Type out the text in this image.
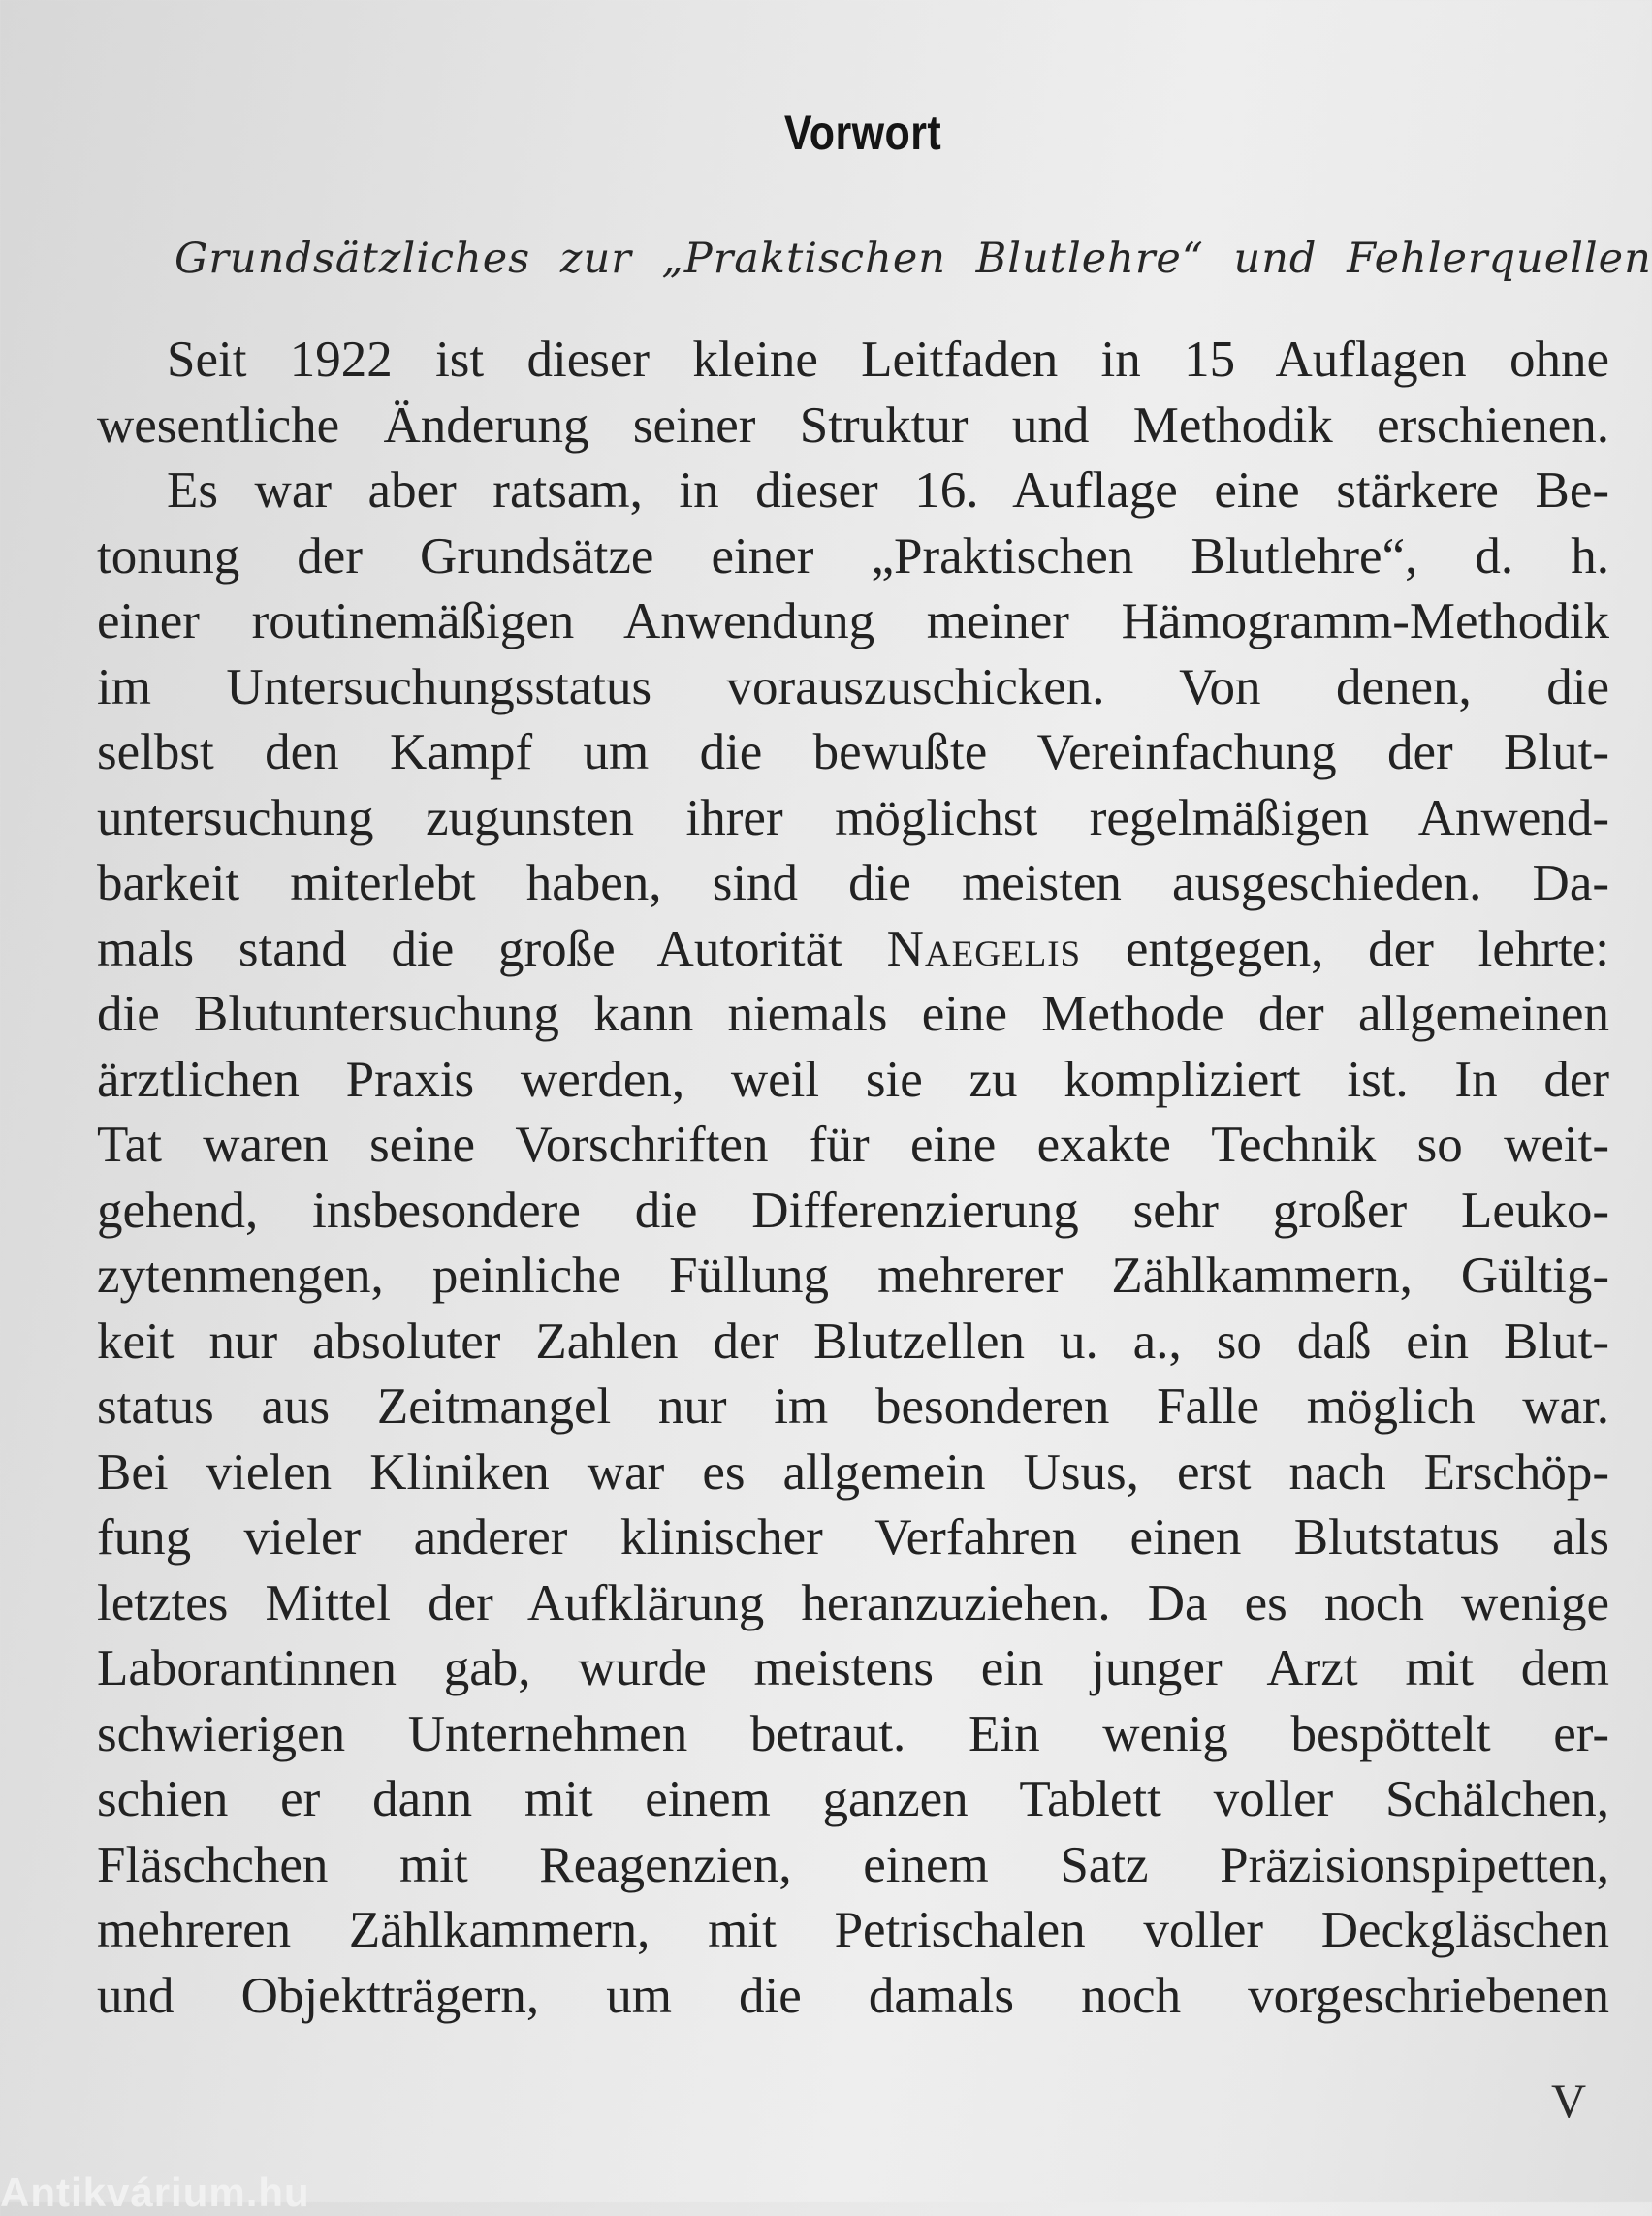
Vorwort
Grundsätzliches zur „Praktischen Blutlehre“ und Fehlerquellen
Seit 1922 ist dieser kleine Leitfaden in 15 Auflagen ohne
wesentliche Änderung seiner Struktur und Methodik erschienen.
Es war aber ratsam, in dieser 16. Auflage eine stärkere Be-
tonung der Grundsätze einer „Praktischen Blutlehre“, d. h.
einer routinemäßigen Anwendung meiner Hämogramm-Methodik
im Untersuchungsstatus vorauszuschicken. Von denen, die
selbst den Kampf um die bewußte Vereinfachung der Blut-
untersuchung zugunsten ihrer möglichst regelmäßigen Anwend-
barkeit miterlebt haben, sind die meisten ausgeschieden. Da-
mals stand die große Autorität Naegelis entgegen, der lehrte:
die Blutuntersuchung kann niemals eine Methode der allgemeinen
ärztlichen Praxis werden, weil sie zu kompliziert ist. In der
Tat waren seine Vorschriften für eine exakte Technik so weit-
gehend, insbesondere die Differenzierung sehr großer Leuko-
zytenmengen, peinliche Füllung mehrerer Zählkammern, Gültig-
keit nur absoluter Zahlen der Blutzellen u. a., so daß ein Blut-
status aus Zeitmangel nur im besonderen Falle möglich war.
Bei vielen Kliniken war es allgemein Usus, erst nach Erschöp-
fung vieler anderer klinischer Verfahren einen Blutstatus als
letztes Mittel der Aufklärung heranzuziehen. Da es noch wenige
Laborantinnen gab, wurde meistens ein junger Arzt mit dem
schwierigen Unternehmen betraut. Ein wenig bespöttelt er-
schien er dann mit einem ganzen Tablett voller Schälchen,
Fläschchen mit Reagenzien, einem Satz Präzisionspipetten,
mehreren Zählkammern, mit Petrischalen voller Deckgläschen
und Objektträgern, um die damals noch vorgeschriebenen
V
Antikvárium.hu
